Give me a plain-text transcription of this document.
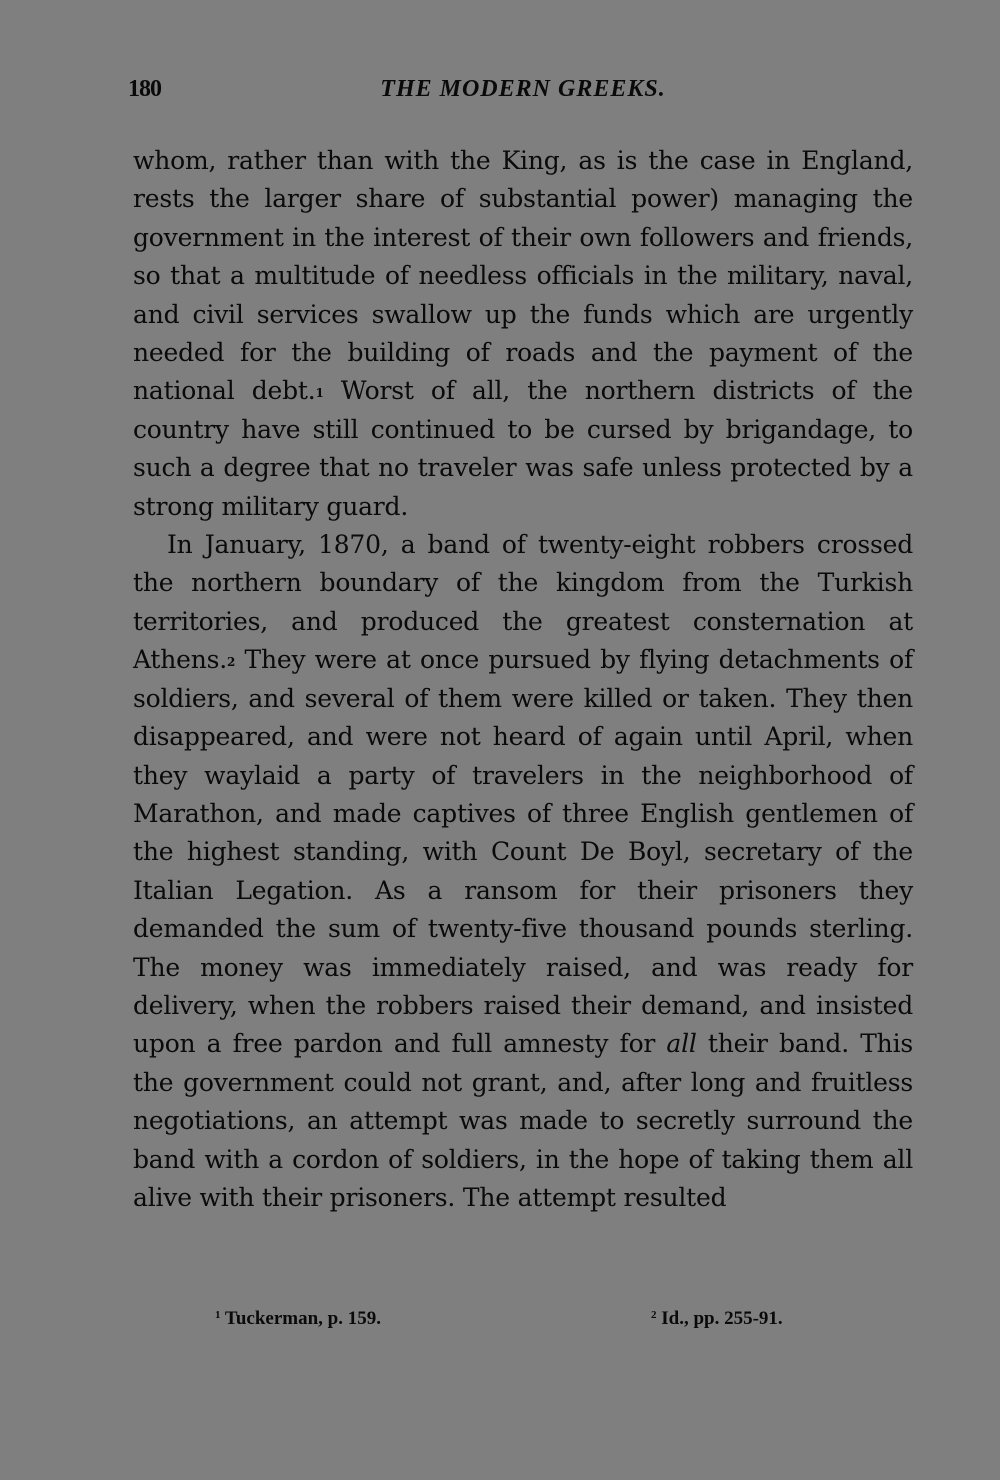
180	THE MODERN GREEKS.

whom, rather than with the King, as is the case in England, rests the larger share of substantial power) managing the government in the interest of their own followers and friends, so that a multitude of needless officials in the military, naval, and civil services swallow up the funds which are urgently needed for the building of roads and the payment of the national debt.$^1$ Worst of all, the northern districts of the country have still continued to be cursed by brigandage, to such a degree that no traveler was safe unless protected by a strong military guard.

In January, 1870, a band of twenty-eight robbers crossed the northern boundary of the kingdom from the Turkish territories, and produced the greatest consternation at Athens.$^2$ They were at once pursued by flying detachments of soldiers, and several of them were killed or taken. They then disappeared, and were not heard of again until April, when they waylaid a party of travelers in the neighborhood of Marathon, and made captives of three English gentlemen of the highest standing, with Count De Boyl, secretary of the Italian Legation. As a ransom for their prisoners they demanded the sum of twenty-five thousand pounds sterling. The money was immediately raised, and was ready for delivery, when the robbers raised their demand, and insisted upon a free pardon and full amnesty for all their band. This the government could not grant, and, after long and fruitless negotiations, an attempt was made to secretly surround the band with a cordon of soldiers, in the hope of taking them all alive with their prisoners. The attempt resulted

$^1$ Tuckerman, p. 159.	$^2$ Id., pp. 255-91.
